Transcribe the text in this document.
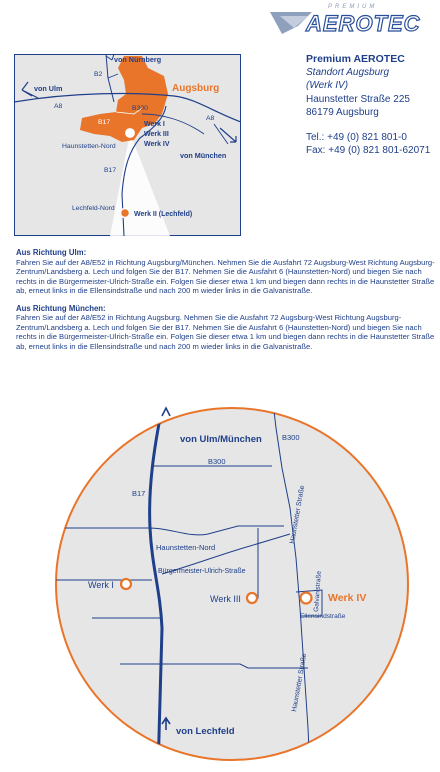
PREMIUM
AEROTEC
Premium AEROTEC
Standort Augsburg
(Werk IV)
Haunstetter Straße 225
86179 Augsburg
Tel.: +49 (0) 821 801-0
Fax: +49 (0) 821 801-62071
von Nürnberg
Augsburg
B2
von Ulm
A8	B300
A8
B17	Werk I
Werk III
Werk IV
Haunstetten-Nord
von München
B17
Lechfeld-Nord
Werk II (Lechfeld)
Aus Richtung Ulm:

Fahren Sie auf der A8/E52 in Richtung Augsburg/München. Nehmen Sie die Ausfahrt 72 Augsburg-West Richtung Augsburg-Zentrum/Landsberg a. Lech und folgen Sie der B17. Nehmen Sie die Ausfahrt 6 (Haunstetten-Nord) und biegen Sie nach rechts in die Bürgermeister-Ulrich-Straße ein. Folgen Sie dieser etwa 1 km und biegen dann rechts in die Haunstetter Straße ab, erneut links in die Ellensindstraße und nach 200 m wieder links in die Galvanistraße.

Aus Richtung München:

Fahren Sie auf der A8/E52 in Richtung Augsburg. Nehmen Sie die Ausfahrt 72 Augsburg-West Richtung Augsburg-Zentrum/Landsberg a. Lech und folgen Sie der B17. Nehmen Sie die Ausfahrt 6 (Haunstetten-Nord) und biegen Sie nach rechts in die Bürgermeister-Ulrich-Straße ein. Folgen Sie dieser etwa 1 km und biegen dann rechts in die Haunstetter Straße ab, erneut links in die Ellensindstraße und nach 200 m wieder links in die Galvanistraße.

von Ulm/München	B300
B300
B17
Haunstetten-Nord
Bürgermeister-Ulrich-Straße
Werk I
Werk III	Werk IV
Ellensindstraße
Galvanistraße
Haunstetter Straße
Haunstetter Straße
von Lechfeld
